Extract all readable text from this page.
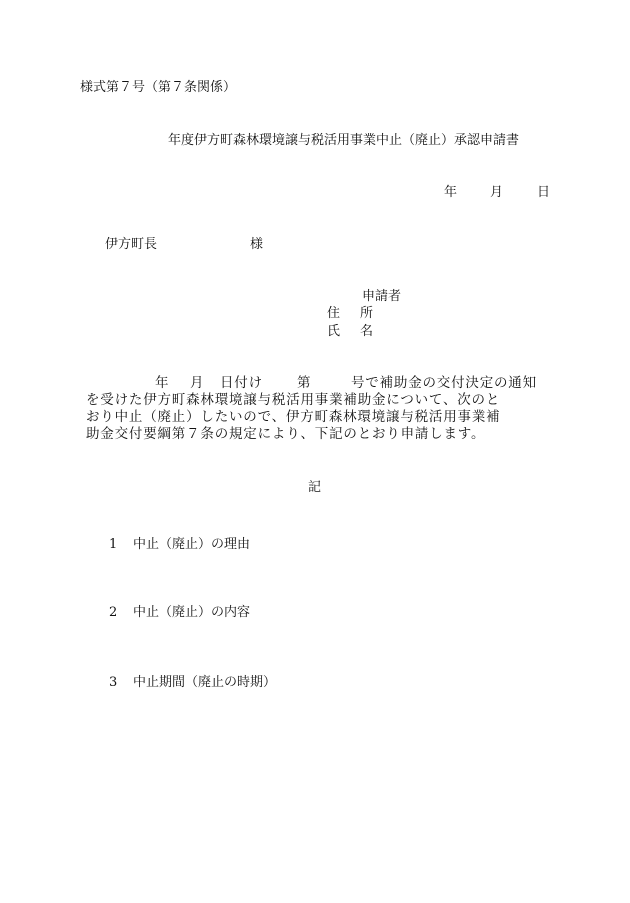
様式第７号（第７条関係）
年度伊方町森林環境譲与税活用事業中止（廃止）承認申請書
年	月	日
伊方町長	様
申請者
住 所
氏 名
年 月 日付け	第	号で補助金の交付決定の通知
を受けた伊方町森林環境譲与税活用事業補助金について、次のと
おり中止（廃止）したいので、伊方町森林環境譲与税活用事業補
助金交付要綱第７条の規定により、下記のとおり申請します。
記
1 中止（廃止）の理由
2 中止（廃止）の内容
3 中止期間（廃止の時期）
